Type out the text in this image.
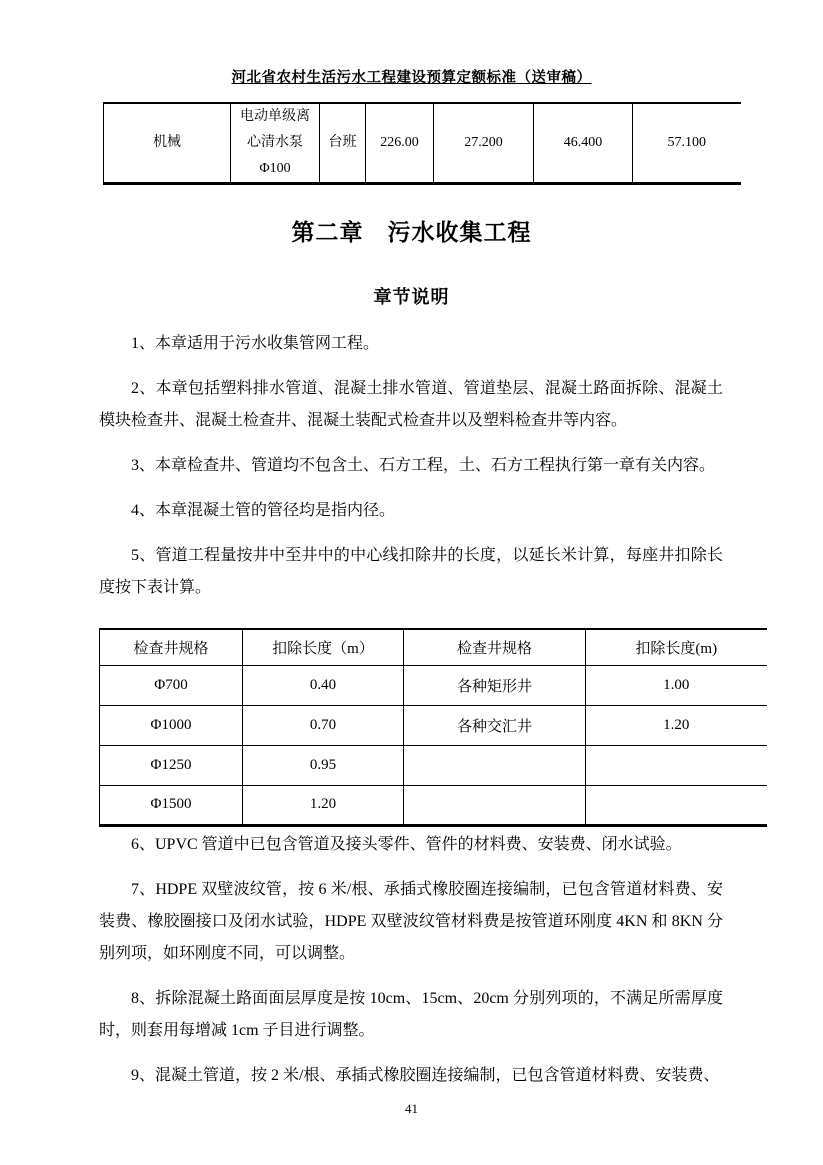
河北省农村生活污水工程建设预算定额标准（送审稿）
机械	电动单级离心清水泵 Φ100	台班	226.00	27.200	46.400	57.100
第二章　污水收集工程
章节说明

1、本章适用于污水收集管网工程。

2、本章包括塑料排水管道、混凝土排水管道、管道垫层、混凝土路面拆除、混凝土模块检查井、混凝土检查井、混凝土装配式检查井以及塑料检查井等内容。

3、本章检查井、管道均不包含土、石方工程，土、石方工程执行第一章有关内容。

4、本章混凝土管的管径均是指内径。

5、管道工程量按井中至井中的中心线扣除井的长度，以延长米计算，每座井扣除长度按下表计算。

检查井规格	扣除长度（m）	检查井规格	扣除长度(m)
Φ700	0.40	各种矩形井	1.00
Φ1000	0.70	各种交汇井	1.20
Φ1250	0.95		
Φ1500	1.20		

6、UPVC 管道中已包含管道及接头零件、管件的材料费、安装费、闭水试验。

7、HDPE 双壁波纹管，按 6 米/根、承插式橡胶圈连接编制，已包含管道材料费、安装费、橡胶圈接口及闭水试验，HDPE 双壁波纹管材料费是按管道环刚度 4KN 和 8KN 分别列项，如环刚度不同，可以调整。

8、拆除混凝土路面面层厚度是按 10cm、15cm、20cm 分别列项的，不满足所需厚度时，则套用每增减 1cm 子目进行调整。

9、混凝土管道，按 2 米/根、承插式橡胶圈连接编制，已包含管道材料费、安装费、

41
